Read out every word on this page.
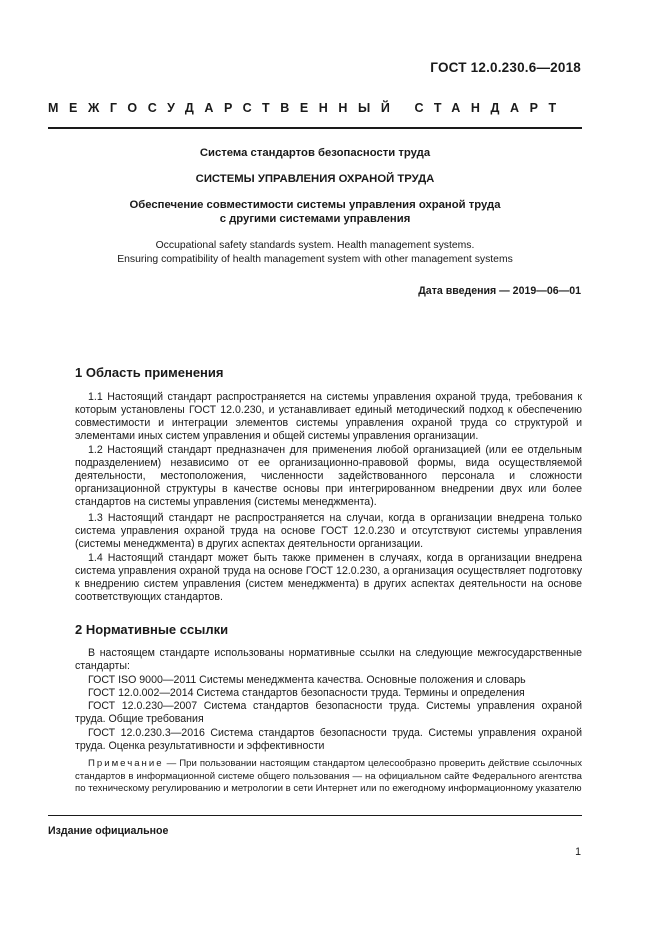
ГОСТ 12.0.230.6—2018
МЕЖГОСУДАРСТВЕННЫЙ СТАНДАРТ
Система стандартов безопасности труда
СИСТЕМЫ УПРАВЛЕНИЯ ОХРАНОЙ ТРУДА
Обеспечение совместимости системы управления охраной труда
с другими системами управления
Occupational safety standards system. Health management systems.
Ensuring compatibility of health management system with other management systems
Дата введения — 2019—06—01
1 Область применения
1.1 Настоящий стандарт распространяется на системы управления охраной труда, требования к которым установлены ГОСТ 12.0.230, и устанавливает единый методический подход к обеспечению совместимости и интеграции элементов системы управления охраной труда со структурой и элементами иных систем управления и общей системы управления организации.
1.2 Настоящий стандарт предназначен для применения любой организацией (или ее отдельным подразделением) независимо от ее организационно-правовой формы, вида осуществляемой деятельности, местоположения, численности задействованного персонала и сложности организационной структуры в качестве основы при интегрированном внедрении двух или более стандартов на системы управления (системы менеджмента).
1.3 Настоящий стандарт не распространяется на случаи, когда в организации внедрена только система управления охраной труда на основе ГОСТ 12.0.230 и отсутствуют системы управления (системы менеджмента) в других аспектах деятельности организации.
1.4 Настоящий стандарт может быть также применен в случаях, когда в организации внедрена система управления охраной труда на основе ГОСТ 12.0.230, а организация осуществляет подготовку к внедрению систем управления (систем менеджмента) в других аспектах деятельности на основе соответствующих стандартов.
2 Нормативные ссылки
В настоящем стандарте использованы нормативные ссылки на следующие межгосударственные стандарты:
ГОСТ ISO 9000—2011 Системы менеджмента качества. Основные положения и словарь
ГОСТ 12.0.002—2014 Система стандартов безопасности труда. Термины и определения
ГОСТ 12.0.230—2007 Система стандартов безопасности труда. Системы управления охраной труда. Общие требования
ГОСТ 12.0.230.3—2016 Система стандартов безопасности труда. Системы управления охраной труда. Оценка результативности и эффективности
Примечание — При пользовании настоящим стандартом целесообразно проверить действие ссылочных стандартов в информационной системе общего пользования — на официальном сайте Федерального агентства по техническому регулированию и метрологии в сети Интернет или по ежегодному информационному указателю
Издание официальное
1
